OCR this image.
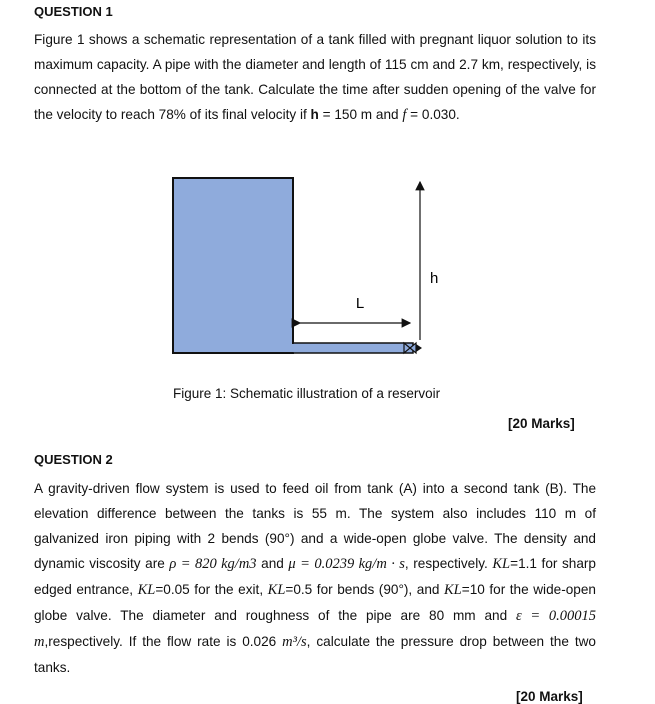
QUESTION 1

Figure 1 shows a schematic representation of a tank filled with pregnant liquor solution to its maximum capacity. A pipe with the diameter and length of 115 cm and 2.7 km, respectively, is connected at the bottom of the tank. Calculate the time after sudden opening of the valve for the velocity to reach 78% of its final velocity if h = 150 m and f = 0.030.

L
h
Figure 1: Schematic illustration of a reservoir
[20 Marks]
QUESTION 2

A gravity-driven flow system is used to feed oil from tank (A) into a second tank (B). The elevation difference between the tanks is 55 m. The system also includes 110 m of galvanized iron piping with 2 bends (90°) and a wide-open globe valve. The density and dynamic viscosity are ρ = 820 kg/m3 and μ = 0.0239 kg/m · s, respectively. KL=1.1 for sharp edged entrance, KL=0.05 for the exit, KL=0.5 for bends (90°), and KL=10 for the wide-open globe valve. The diameter and roughness of the pipe are 80 mm and ε = 0.00015 m,respectively. If the flow rate is 0.026 m³/s, calculate the pressure drop between the two tanks.

[20 Marks]
